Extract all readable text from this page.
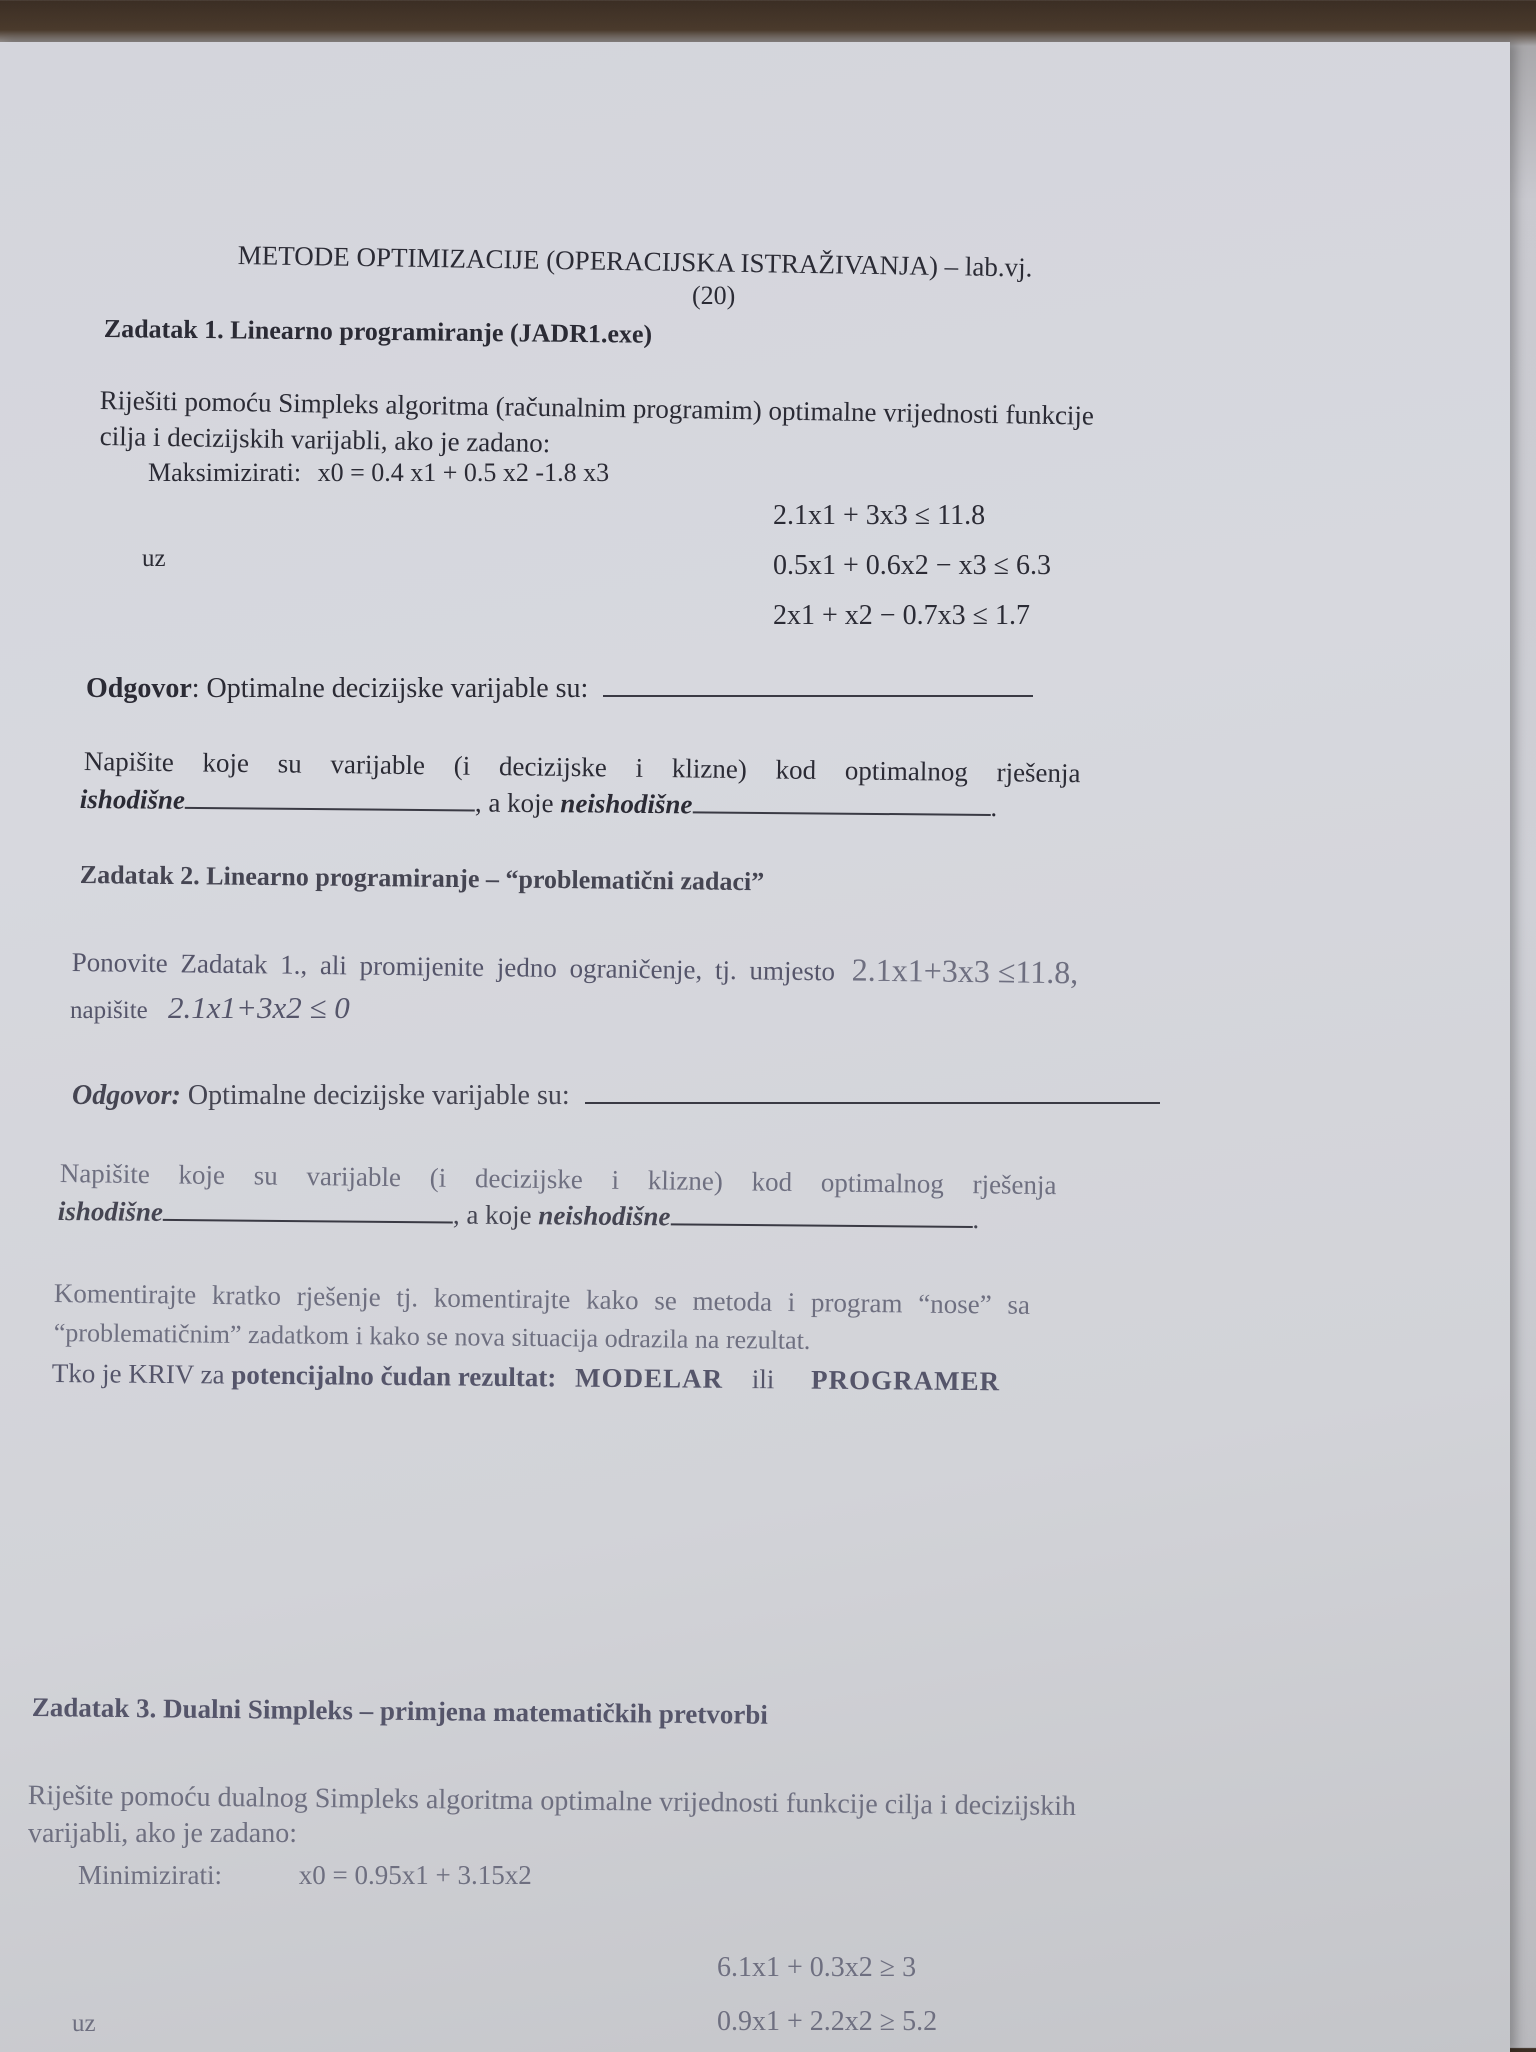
METODE OPTIMIZACIJE (OPERACIJSKA ISTRAŽIVANJA) – lab.vj.
(20)
Zadatak 1. Linearno programiranje (JADR1.exe)
Riješiti pomoću Simpleks algoritma (računalnim programim) optimalne vrijednosti funkcije
cilja i decizijskih varijabli, ako je zadano:
Maksimizirati: x0 = 0.4 x1 + 0.5 x2 -1.8 x3
uz
2.1x1 + 3x3 ≤ 11.8
0.5x1 + 0.6x2 − x3 ≤ 6.3
2x1 + x2 − 0.7x3 ≤ 1.7
Odgovor: Optimalne decizijske varijable su:
Napišite koje su varijable (i decizijske i klizne) kod optimalnog rješenja
ishodišne	, a koje neishodišne	.
Zadatak 2. Linearno programiranje – “problematični zadaci”
Ponovite Zadatak 1., ali promijenite jedno ograničenje, tj. umjesto 2.1x1+3x3 ≤11.8,
napišite 2.1x1+3x2 ≤ 0
Odgovor: Optimalne decizijske varijable su:
Napišite koje su varijable (i decizijske i klizne) kod optimalnog rješenja
ishodišne	, a koje neishodišne	.
Komentirajte kratko rješenje tj. komentirajte kako se metoda i program “nose” sa
“problematičnim” zadatkom i kako se nova situacija odrazila na rezultat.
Tko je KRIV za potencijalno čudan rezultat: MODELAR ili PROGRAMER
Zadatak 3. Dualni Simpleks – primjena matematičkih pretvorbi
Riješite pomoću dualnog Simpleks algoritma optimalne vrijednosti funkcije cilja i decizijskih
varijabli, ako je zadano:
Minimizirati:	x0 = 0.95x1 + 3.15x2
6.1x1 + 0.3x2 ≥ 3
uz	0.9x1 + 2.2x2 ≥ 5.2
